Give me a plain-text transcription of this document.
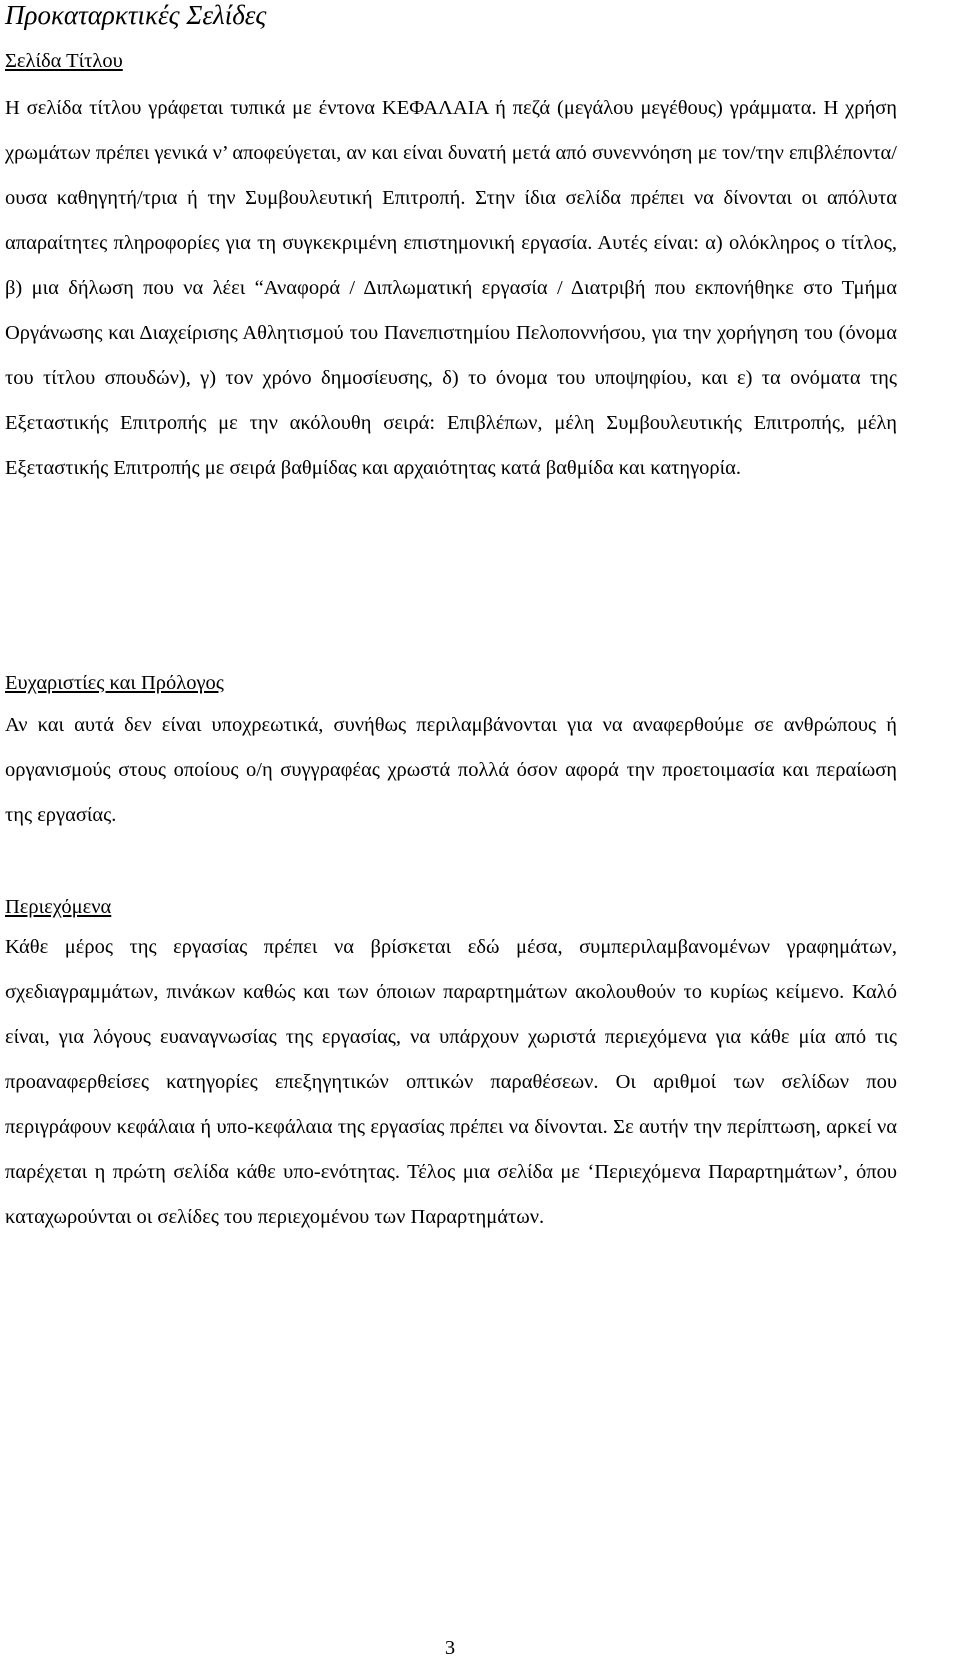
Προκαταρκτικές Σελίδες
Σελίδα Τίτλου

Η σελίδα τίτλου γράφεται τυπικά με έντονα ΚΕΦΑΛΑΙΑ ή πεζά (μεγάλου μεγέθους) γράμματα. Η χρήση χρωμάτων πρέπει γενικά ν’ αποφεύγεται, αν και είναι δυνατή μετά από συνεννόηση με τον/την επιβλέποντα/ουσα καθηγητή/τρια ή την Συμβουλευτική Επιτροπή. Στην ίδια σελίδα πρέπει να δίνονται οι απόλυτα απαραίτητες πληροφορίες για τη συγκεκριμένη επιστημονική εργασία. Αυτές είναι: α) ολόκληρος ο τίτλος, β) μια δήλωση που να λέει “Αναφορά / Διπλωματική εργασία / Διατριβή που εκπονήθηκε στο Τμήμα Οργάνωσης και Διαχείρισης Αθλητισμού του Πανεπιστημίου Πελοποννήσου, για την χορήγηση του (όνομα του τίτλου σπουδών), γ) τον χρόνο δημοσίευσης, δ) το όνομα του υποψηφίου, και ε) τα ονόματα της Εξεταστικής Επιτροπής με την ακόλουθη σειρά: Επιβλέπων, μέλη Συμβουλευτικής Επιτροπής, μέλη Εξεταστικής Επιτροπής με σειρά βαθμίδας και αρχαιότητας κατά βαθμίδα και κατηγορία.

Ευχαριστίες και Πρόλογος

Αν και αυτά δεν είναι υποχρεωτικά, συνήθως περιλαμβάνονται για να αναφερθούμε σε ανθρώπους ή οργανισμούς στους οποίους ο/η συγγραφέας χρωστά πολλά όσον αφορά την προετοιμασία και περαίωση της εργασίας.

Περιεχόμενα

Κάθε μέρος της εργασίας πρέπει να βρίσκεται εδώ μέσα, συμπεριλαμβανομένων γραφημάτων, σχεδιαγραμμάτων, πινάκων καθώς και των όποιων παραρτημάτων ακολουθούν το κυρίως κείμενο. Καλό είναι, για λόγους ευαναγνωσίας της εργασίας, να υπάρχουν χωριστά περιεχόμενα για κάθε μία από τις προαναφερθείσες κατηγορίες επεξηγητικών οπτικών παραθέσεων. Οι αριθμοί των σελίδων που περιγράφουν κεφάλαια ή υπο-κεφάλαια της εργασίας πρέπει να δίνονται. Σε αυτήν την περίπτωση, αρκεί να παρέχεται η πρώτη σελίδα κάθε υπο-ενότητας. Τέλος μια σελίδα με ‘Περιεχόμενα Παραρτημάτων’, όπου καταχωρούνται οι σελίδες του περιεχομένου των Παραρτημάτων.

3
